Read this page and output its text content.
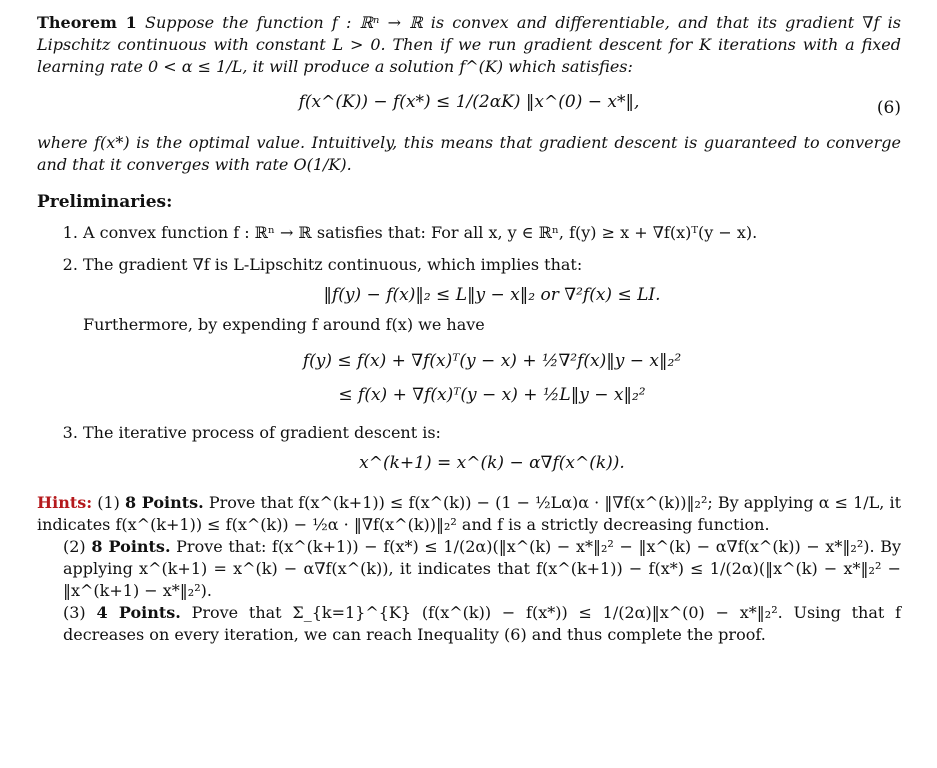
Theorem 1 Suppose the function f : ℝⁿ → ℝ is convex and differentiable, and that its gradient ∇f is Lipschitz continuous with constant L > 0. Then if we run gradient descent for K iterations with a fixed learning rate 0 < α ≤ 1/L, it will produce a solution f^(K) which satisfies:

f(x^(K)) − f(x*) ≤ 1/(2αK) ‖x^(0) − x*‖,	(6)

where f(x*) is the optimal value. Intuitively, this means that gradient descent is guaranteed to converge and that it converges with rate O(1/K).

Preliminaries:
1. A convex function f : ℝⁿ → ℝ satisfies that: For all x, y ∈ ℝⁿ, f(y) ≥ x + ∇f(x)ᵀ(y − x).
2. The gradient ∇f is L-Lipschitz continuous, which implies that:
‖f(y) − f(x)‖₂ ≤ L‖y − x‖₂ or ∇²f(x) ≤ LI.
Furthermore, by expending f around f(x) we have
f(y) ≤ f(x) + ∇f(x)ᵀ(y − x) + ½∇²f(x)‖y − x‖₂²
≤ f(x) + ∇f(x)ᵀ(y − x) + ½L‖y − x‖₂²
3. The iterative process of gradient descent is:
x^(k+1) = x^(k) − α∇f(x^(k)).
Hints: (1) 8 Points. Prove that f(x^(k+1)) ≤ f(x^(k)) − (1 − ½Lα)α · ‖∇f(x^(k))‖₂²; By applying α ≤ 1/L, it indicates f(x^(k+1)) ≤ f(x^(k)) − ½α · ‖∇f(x^(k))‖₂² and f is a strictly decreasing function.
(2) 8 Points. Prove that: f(x^(k+1)) − f(x*) ≤ 1/(2α)(‖x^(k) − x*‖₂² − ‖x^(k) − α∇f(x^(k)) − x*‖₂²). By applying x^(k+1) = x^(k) − α∇f(x^(k)), it indicates that f(x^(k+1)) − f(x*) ≤ 1/(2α)(‖x^(k) − x*‖₂² − ‖x^(k+1) − x*‖₂²).
(3) 4 Points. Prove that Σ_{k=1}^{K} (f(x^(k)) − f(x*)) ≤ 1/(2α)‖x^(0) − x*‖₂². Using that f decreases on every iteration, we can reach Inequality (6) and thus complete the proof.
